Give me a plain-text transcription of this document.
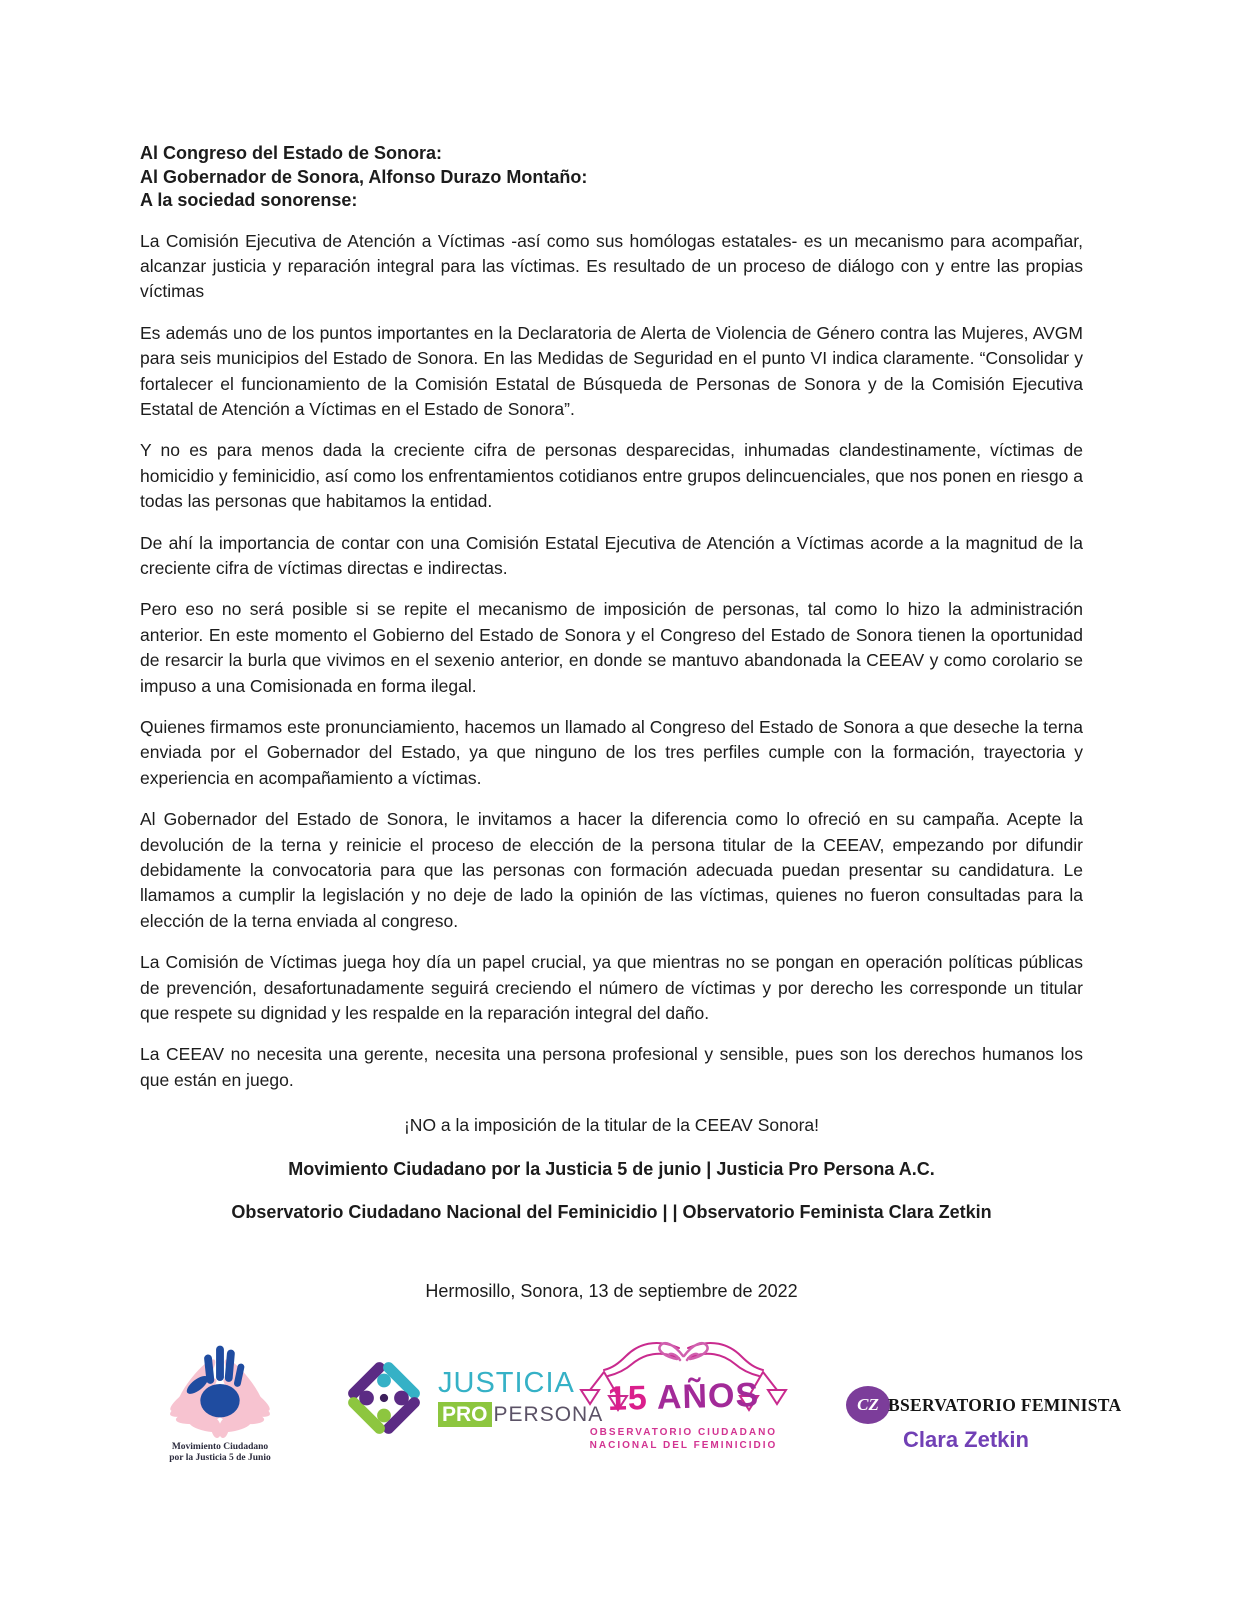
Al Congreso del Estado de Sonora:
Al Gobernador de Sonora, Alfonso Durazo Montaño:
A la sociedad sonorense:

La Comisión Ejecutiva de Atención a Víctimas -así como sus homólogas estatales- es un mecanismo para acompañar, alcanzar justicia y reparación integral para las víctimas. Es resultado de un proceso de diálogo con y entre las propias víctimas

Es además uno de los puntos importantes en la Declaratoria de Alerta de Violencia de Género contra las Mujeres, AVGM para seis municipios del Estado de Sonora. En las Medidas de Seguridad en el punto VI indica claramente. “Consolidar y fortalecer el funcionamiento de la Comisión Estatal de Búsqueda de Personas de Sonora y de la Comisión Ejecutiva Estatal de Atención a Víctimas en el Estado de Sonora”.

Y no es para menos dada la creciente cifra de personas desparecidas, inhumadas clandestinamente, víctimas de homicidio y feminicidio, así como los enfrentamientos cotidianos entre grupos delincuenciales, que nos ponen en riesgo a todas las personas que habitamos la entidad.

De ahí la importancia de contar con una Comisión Estatal Ejecutiva de Atención a Víctimas acorde a la magnitud de la creciente cifra de víctimas directas e indirectas.

Pero eso no será posible si se repite el mecanismo de imposición de personas, tal como lo hizo la administración anterior. En este momento el Gobierno del Estado de Sonora y el Congreso del Estado de Sonora tienen la oportunidad de resarcir la burla que vivimos en el sexenio anterior, en donde se mantuvo abandonada la CEEAV y como corolario se impuso a una Comisionada en forma ilegal.

Quienes firmamos este pronunciamiento, hacemos un llamado al Congreso del Estado de Sonora a que deseche la terna enviada por el Gobernador del Estado, ya que ninguno de los tres perfiles cumple con la formación, trayectoria y experiencia en acompañamiento a víctimas.

Al Gobernador del Estado de Sonora, le invitamos a hacer la diferencia como lo ofreció en su campaña. Acepte la devolución de la terna y reinicie el proceso de elección de la persona titular de la CEEAV, empezando por difundir debidamente la convocatoria para que las personas con formación adecuada puedan presentar su candidatura. Le llamamos a cumplir la legislación y no deje de lado la opinión de las víctimas, quienes no fueron consultadas para la elección de la terna enviada al congreso.

La Comisión de Víctimas juega hoy día un papel crucial, ya que mientras no se pongan en operación políticas públicas de prevención, desafortunadamente seguirá creciendo el número de víctimas y por derecho les corresponde un titular que respete su dignidad y les respalde en la reparación integral del daño.

La CEEAV no necesita una gerente, necesita una persona profesional y sensible, pues son los derechos humanos los que están en juego.

¡NO a la imposición de la titular de la CEEAV Sonora!
Movimiento Ciudadano por la Justicia 5 de junio | Justicia Pro Persona A.C.
Observatorio Ciudadano Nacional del Feminicidio | | Observatorio Feminista Clara Zetkin
Hermosillo, Sonora, 13 de septiembre de 2022
Movimiento Ciudadano
por la Justicia 5 de Junio
JUSTICIA
PRO PERSONA 15 AÑOS
OBSERVATORIO CIUDADANO
NACIONAL DEL FEMINICIDIO
CZ BSERVATORIO FEMINISTA
Clara Zetkin
